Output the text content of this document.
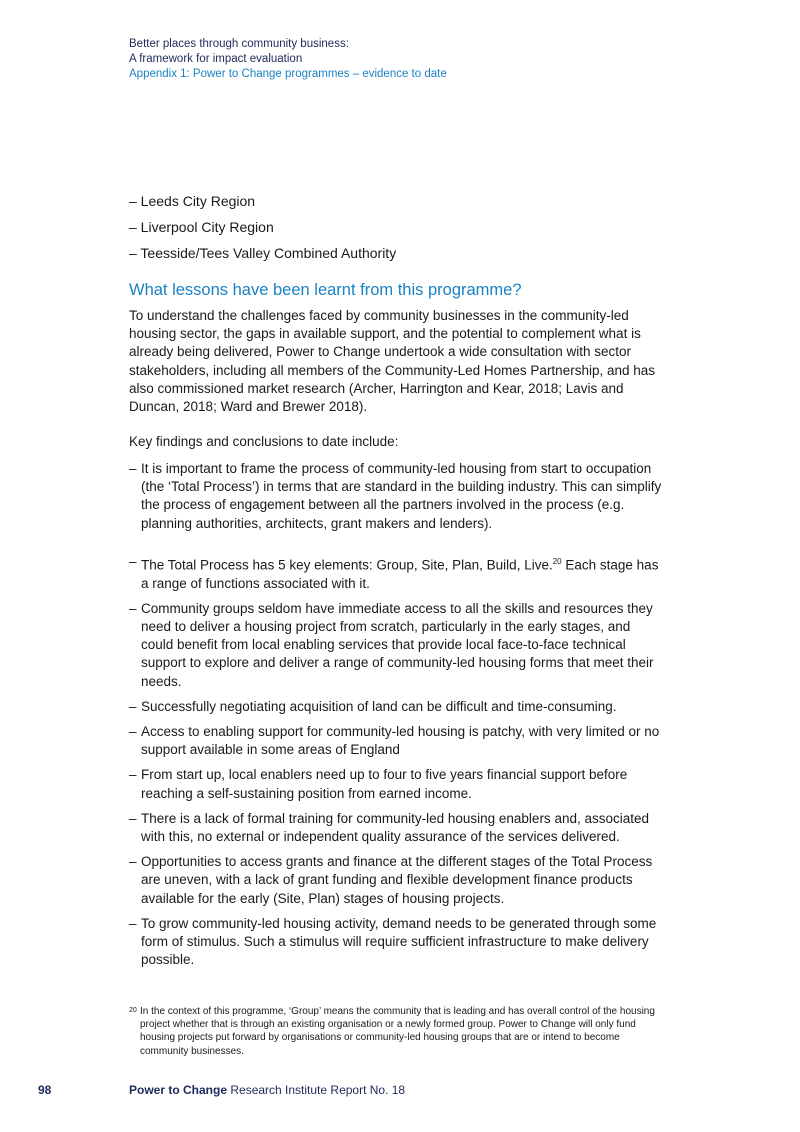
Better places through community business:
A framework for impact evaluation
Appendix 1: Power to Change programmes – evidence to date
– Leeds City Region
– Liverpool City Region
– Teesside/Tees Valley Combined Authority
What lessons have been learnt from this programme?
To understand the challenges faced by community businesses in the community-led housing sector, the gaps in available support, and the potential to complement what is already being delivered, Power to Change undertook a wide consultation with sector stakeholders, including all members of the Community-Led Homes Partnership, and has also commissioned market research (Archer, Harrington and Kear, 2018; Lavis and Duncan, 2018; Ward and Brewer 2018).
Key findings and conclusions to date include:
– It is important to frame the process of community-led housing from start to occupation (the ‘Total Process’) in terms that are standard in the building industry. This can simplify the process of engagement between all the partners involved in the process (e.g. planning authorities, architects, grant makers and lenders).
– The Total Process has 5 key elements: Group, Site, Plan, Build, Live.$^{20}$ Each stage has a range of functions associated with it.
– Community groups seldom have immediate access to all the skills and resources they need to deliver a housing project from scratch, particularly in the early stages, and could benefit from local enabling services that provide local face-to-face technical support to explore and deliver a range of community-led housing forms that meet their needs.
– Successfully negotiating acquisition of land can be difficult and time-consuming.
– Access to enabling support for community-led housing is patchy, with very limited or no support available in some areas of England
– From start up, local enablers need up to four to five years financial support before reaching a self-sustaining position from earned income.
– There is a lack of formal training for community-led housing enablers and, associated with this, no external or independent quality assurance of the services delivered.
– Opportunities to access grants and finance at the different stages of the Total Process are uneven, with a lack of grant funding and flexible development finance products available for the early (Site, Plan) stages of housing projects.
– To grow community-led housing activity, demand needs to be generated through some form of stimulus. Such a stimulus will require sufficient infrastructure to make delivery possible.
20 In the context of this programme, ‘Group’ means the community that is leading and has overall control of the housing project whether that is through an existing organisation or a newly formed group. Power to Change will only fund housing projects put forward by organisations or community-led housing groups that are or intend to become community businesses.
98	Power to Change Research Institute Report No. 18
